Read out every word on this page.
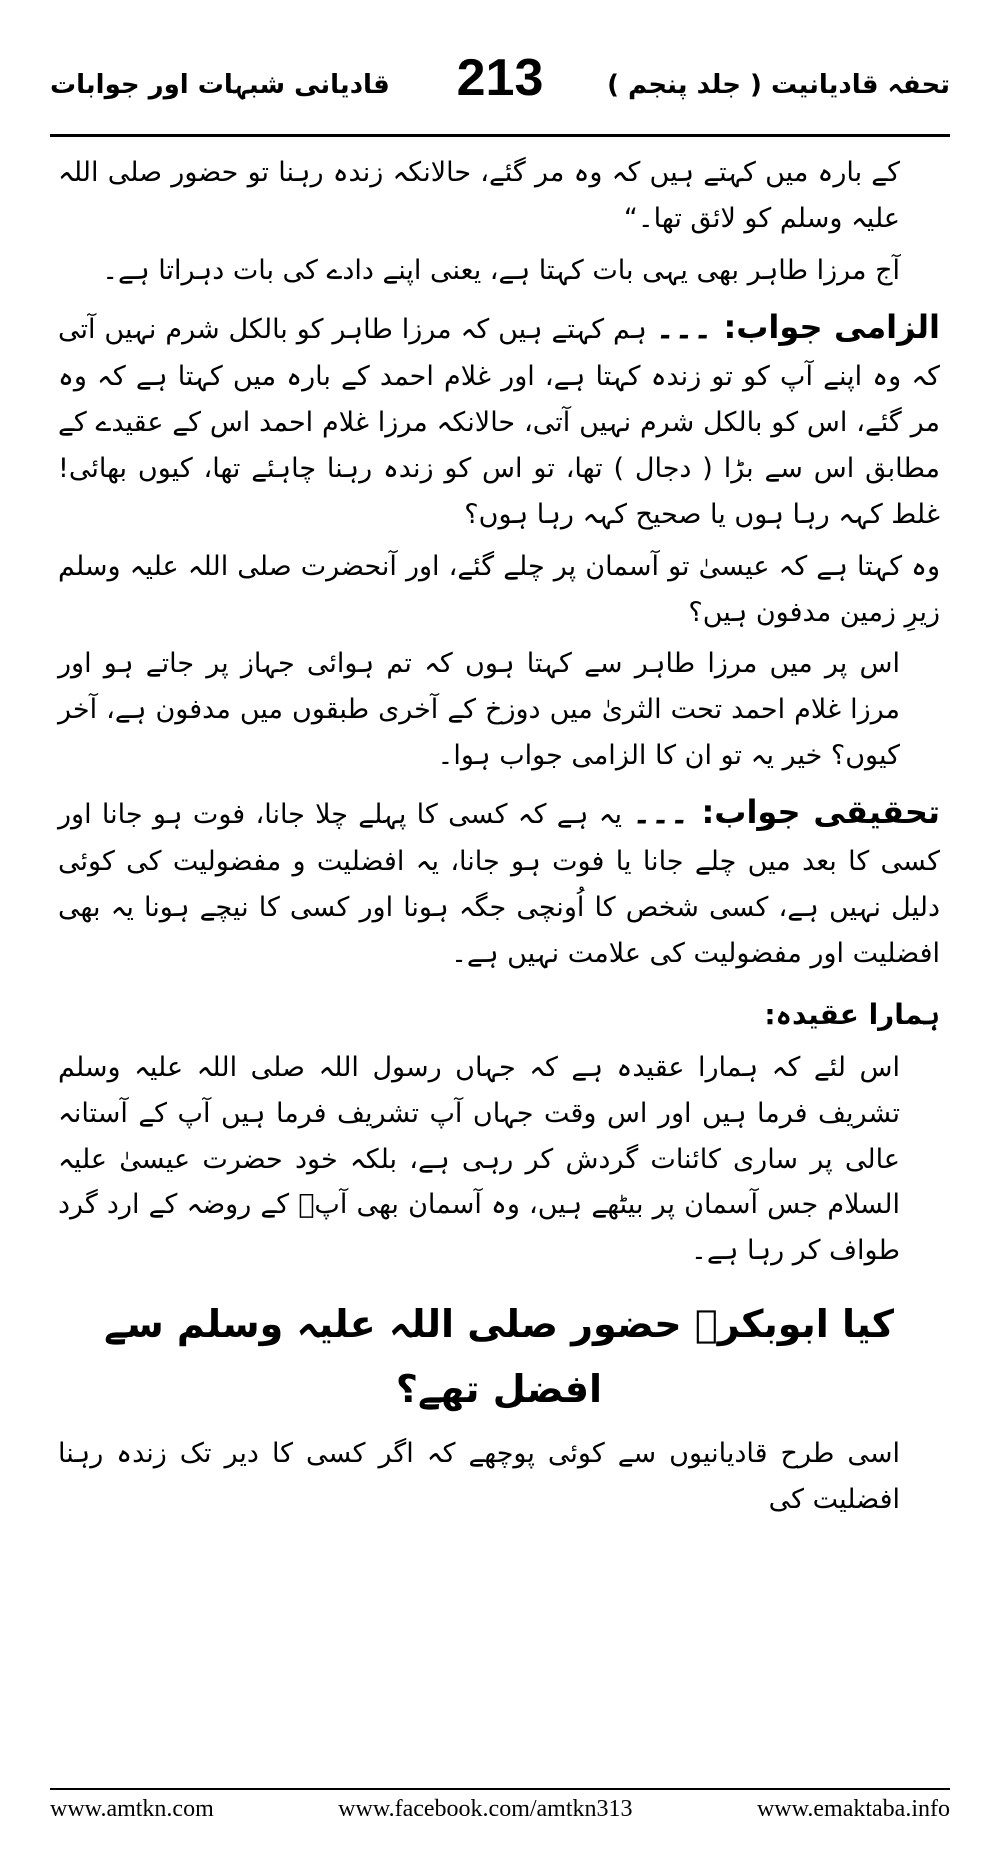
قادیانی شبہات اور جوابات	213	تحفہ قادیانیت ( جلد پنجم )

کے بارہ میں کہتے ہیں کہ وہ مر گئے، حالانکہ زندہ رہنا تو حضور صلی اللہ علیہ وسلم کو لائق تھا۔“

آج مرزا طاہر بھی یہی بات کہتا ہے، یعنی اپنے دادے کی بات دہراتا ہے۔

الزامی جواب: ۔۔۔ ہم کہتے ہیں کہ مرزا طاہر کو بالکل شرم نہیں آتی کہ وہ اپنے آپ کو تو زندہ کہتا ہے، اور غلام احمد کے بارہ میں کہتا ہے کہ وہ مر گئے، اس کو بالکل شرم نہیں آتی، حالانکہ مرزا غلام احمد اس کے عقیدے کے مطابق اس سے بڑا ( دجال ) تھا، تو اس کو زندہ رہنا چاہئے تھا، کیوں بھائی! غلط کہہ رہا ہوں یا صحیح کہہ رہا ہوں؟

وہ کہتا ہے کہ عیسیٰ تو آسمان پر چلے گئے، اور آنحضرت صلی اللہ علیہ وسلم زیرِ زمین مدفون ہیں؟

اس پر میں مرزا طاہر سے کہتا ہوں کہ تم ہوائی جہاز پر جاتے ہو اور مرزا غلام احمد تحت الثریٰ میں دوزخ کے آخری طبقوں میں مدفون ہے، آخر کیوں؟ خیر یہ تو ان کا الزامی جواب ہوا۔

تحقیقی جواب: ۔۔۔ یہ ہے کہ کسی کا پہلے چلا جانا، فوت ہو جانا اور کسی کا بعد میں چلے جانا یا فوت ہو جانا، یہ افضلیت و مفضولیت کی کوئی دلیل نہیں ہے، کسی شخص کا اُونچی جگہ ہونا اور کسی کا نیچے ہونا یہ بھی افضلیت اور مفضولیت کی علامت نہیں ہے۔

ہمارا عقیدہ:

اس لئے کہ ہمارا عقیدہ ہے کہ جہاں رسول اللہ صلی اللہ علیہ وسلم تشریف فرما ہیں اور اس وقت جہاں آپ تشریف فرما ہیں آپ کے آستانہ عالی پر ساری کائنات گردش کر رہی ہے، بلکہ خود حضرت عیسیٰ علیہ السلام جس آسمان پر بیٹھے ہیں، وہ آسمان بھی آپؐ کے روضہ کے ارد گرد طواف کر رہا ہے۔

کیا ابوبکرؓ حضور صلی اللہ علیہ وسلم سے افضل تھے؟

اسی طرح قادیانیوں سے کوئی پوچھے کہ اگر کسی کا دیر تک زندہ رہنا افضلیت کی

www.amtkn.com	www.facebook.com/amtkn313	www.emaktaba.info
